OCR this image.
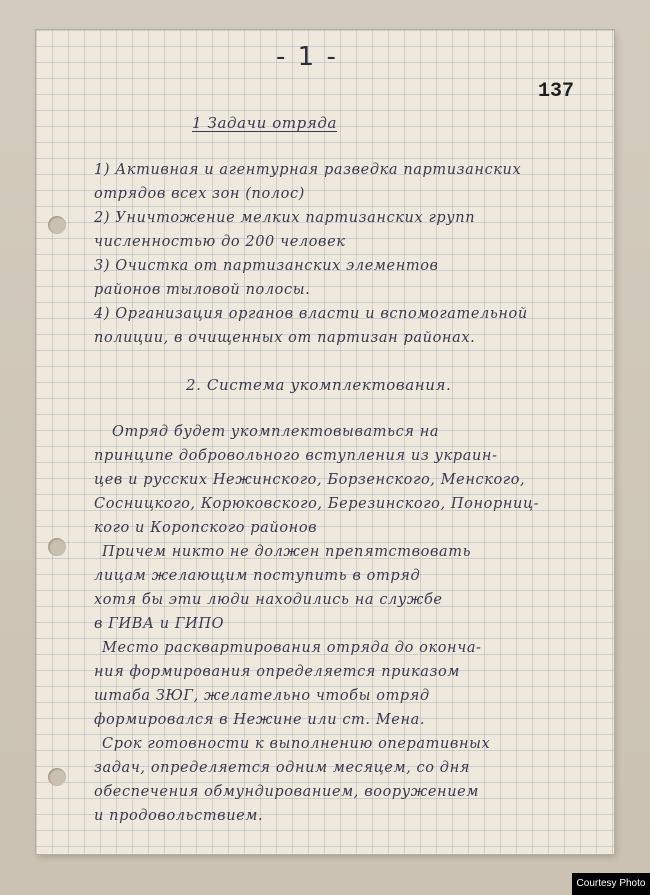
- 1 -
137
1 Задачи отряда
1) Активная и агентурная разведка партизанских
отрядов всех зон (полос)
2) Уничтожение мелких партизанских групп
численностью до 200 человек
3) Очистка от партизанских элементов
районов тыловой полосы.
4) Организация органов власти и вспомогательной
полиции, в очищенных от партизан районах.
2. Система укомплектования.
Отряд будет укомплектовываться на
принципе добровольного вступления из украин-
цев и русских Нежинского, Борзенского, Менского,
Сосницкого, Корюковского, Березинского, Понорниц-
кого и Коропского районов
Причем никто не должен препятствовать
лицам желающим поступить в отряд
хотя бы эти люди находились на службе
в ГИВА и ГИПО
Место расквартирования отряда до оконча-
ния формирования определяется приказом
штаба ЗЮГ, желательно чтобы отряд
формировался в Нежине или ст. Мена.
Срок готовности к выполнению оперативных
задач, определяется одним месяцем, со дня
обеспечения обмундированием, вооружением
и продовольствием.
Courtesy Photo
